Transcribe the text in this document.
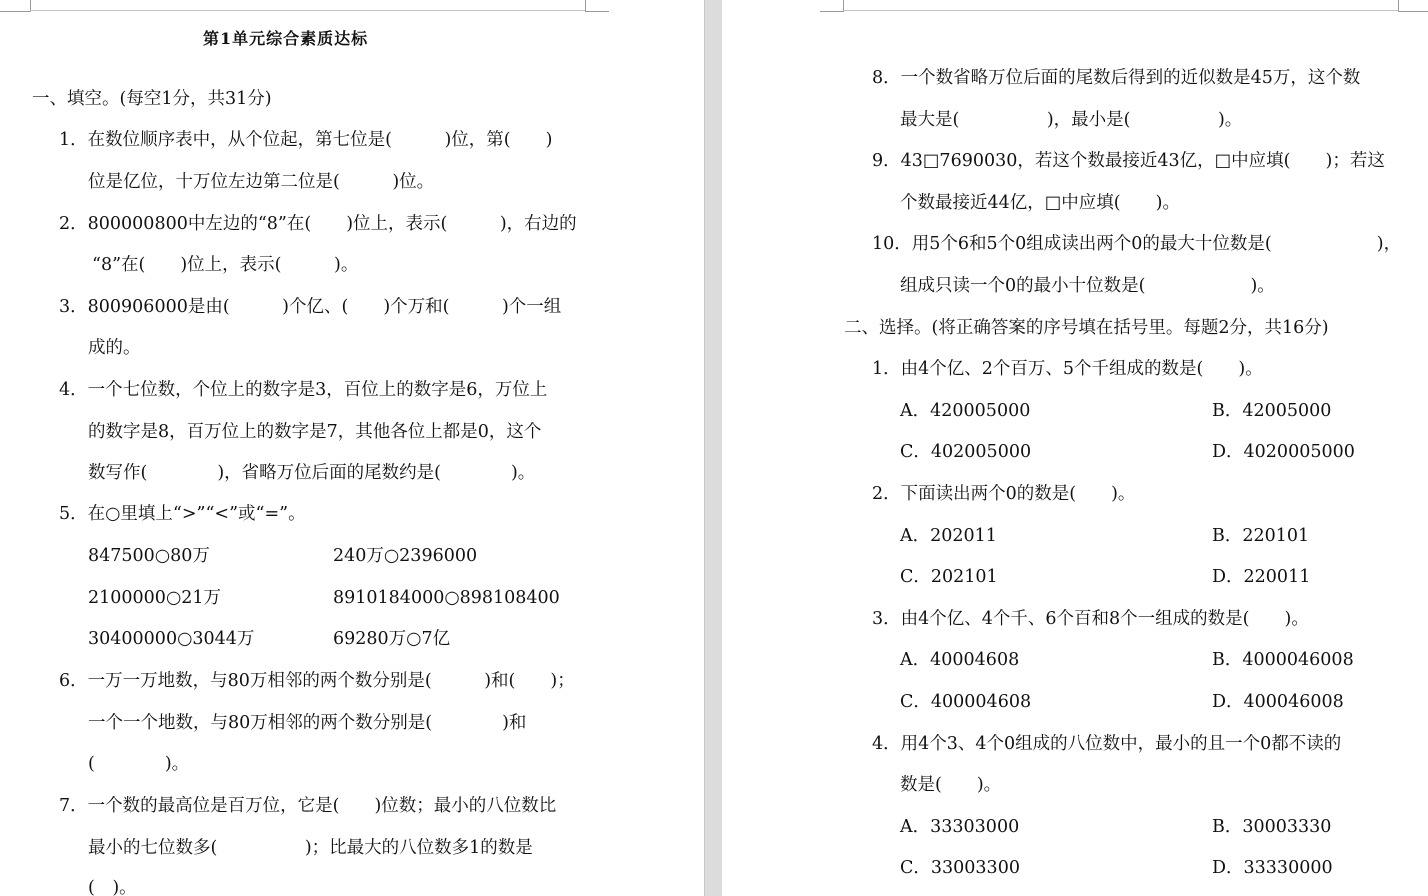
第1单元综合素质达标
一、填空。(每空1分，共31分)
1．在数位顺序表中，从个位起，第七位是(　　　)位，第(　　)
位是亿位，十万位左边第二位是(　　　)位。
2．800000800中左边的“8”在(　　)位上，表示(　　　)，右边的
“8”在(　　)位上，表示(　　　)。
3．800906000是由(　　　)个亿、(　　)个万和(　　　)个一组
成的。
4．一个七位数，个位上的数字是3，百位上的数字是6，万位上
的数字是8，百万位上的数字是7，其他各位上都是0，这个
数写作(　　　　)，省略万位后面的尾数约是(　　　　)。
5．在○里填上“>”“<”或“=”。
847500○80万	240万○2396000
2100000○21万	8910184000○898108400
30400000○3044万	69280万○7亿
6．一万一万地数，与80万相邻的两个数分别是(　　　)和(　　)；
一个一个地数，与80万相邻的两个数分别是(　　　　)和
(　　　　)。
7．一个数的最高位是百万位，它是(　　)位数；最小的八位数比
最小的七位数多(　　　　　)；比最大的八位数多1的数是
(　)。
8．一个数省略万位后面的尾数后得到的近似数是45万，这个数
最大是(　　　　　)，最小是(　　　　　)。
9．43□7690030，若这个数最接近43亿，□中应填(　　)；若这
个数最接近44亿，□中应填(　　)。
10．用5个6和5个0组成读出两个0的最大十位数是(　　　　　　)，
组成只读一个0的最小十位数是(　　　　　　)。
二、选择。(将正确答案的序号填在括号里。每题2分，共16分)
1．由4个亿、2个百万、5个千组成的数是(　　)。
A．420005000	B．42005000
C．402005000	D．4020005000
2．下面读出两个0的数是(　　)。
A．202011	B．220101
C．202101	D．220011
3．由4个亿、4个千、6个百和8个一组成的数是(　　)。
A．40004608	B．4000046008
C．400004608	D．400046008
4．用4个3、4个0组成的八位数中，最小的且一个0都不读的
数是(　　)。
A．33303000	B．30003330
C．33003300	D．33330000
